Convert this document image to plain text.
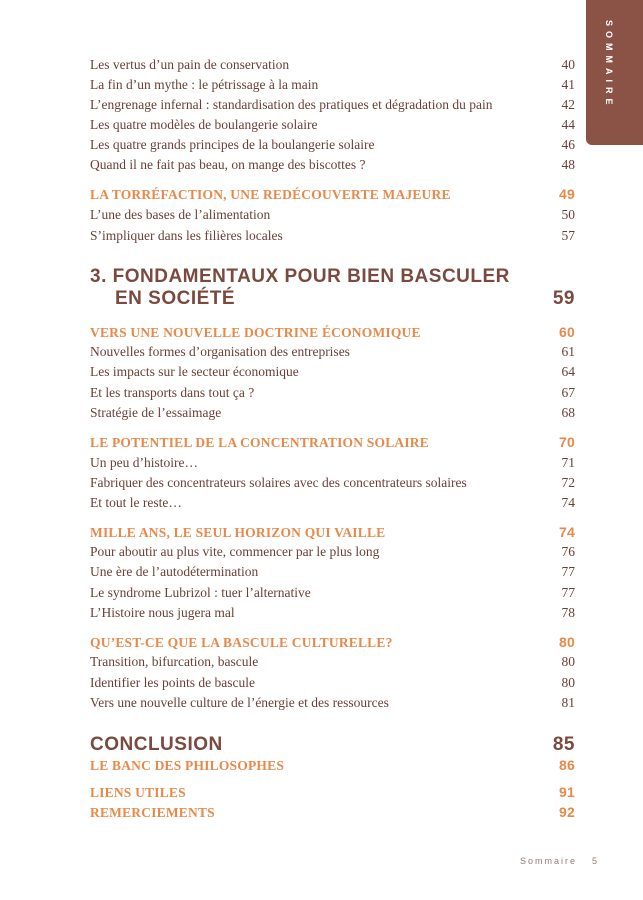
SOMMAIRE
Les vertus d’un pain de conservation	40
La fin d’un mythe : le pétrissage à la main	41
L’engrenage infernal : standardisation des pratiques et dégradation du pain	42
Les quatre modèles de boulangerie solaire	44
Les quatre grands principes de la boulangerie solaire	46
Quand il ne fait pas beau, on mange des biscottes ?	48
LA TORRÉFACTION, UNE REDÉCOUVERTE MAJEURE	49
L’une des bases de l’alimentation	50
S’impliquer dans les filières locales	57
3. FONDAMENTAUX POUR BIEN BASCULER
EN SOCIÉTÉ	59
VERS UNE NOUVELLE DOCTRINE ÉCONOMIQUE	60
Nouvelles formes d’organisation des entreprises	61
Les impacts sur le secteur économique	64
Et les transports dans tout ça ?	67
Stratégie de l’essaimage	68
LE POTENTIEL DE LA CONCENTRATION SOLAIRE	70
Un peu d’histoire…	71
Fabriquer des concentrateurs solaires avec des concentrateurs solaires	72
Et tout le reste…	74
MILLE ANS, LE SEUL HORIZON QUI VAILLE	74
Pour aboutir au plus vite, commencer par le plus long	76
Une ère de l’autodétermination	77
Le syndrome Lubrizol : tuer l’alternative	77
L’Histoire nous jugera mal	78
QU’EST-CE QUE LA BASCULE CULTURELLE?	80
Transition, bifurcation, bascule	80
Identifier les points de bascule	80
Vers une nouvelle culture de l’énergie et des ressources	81
CONCLUSION	85
LE BANC DES PHILOSOPHES	86
LIENS UTILES	91
REMERCIEMENTS	92
Sommaire 5
